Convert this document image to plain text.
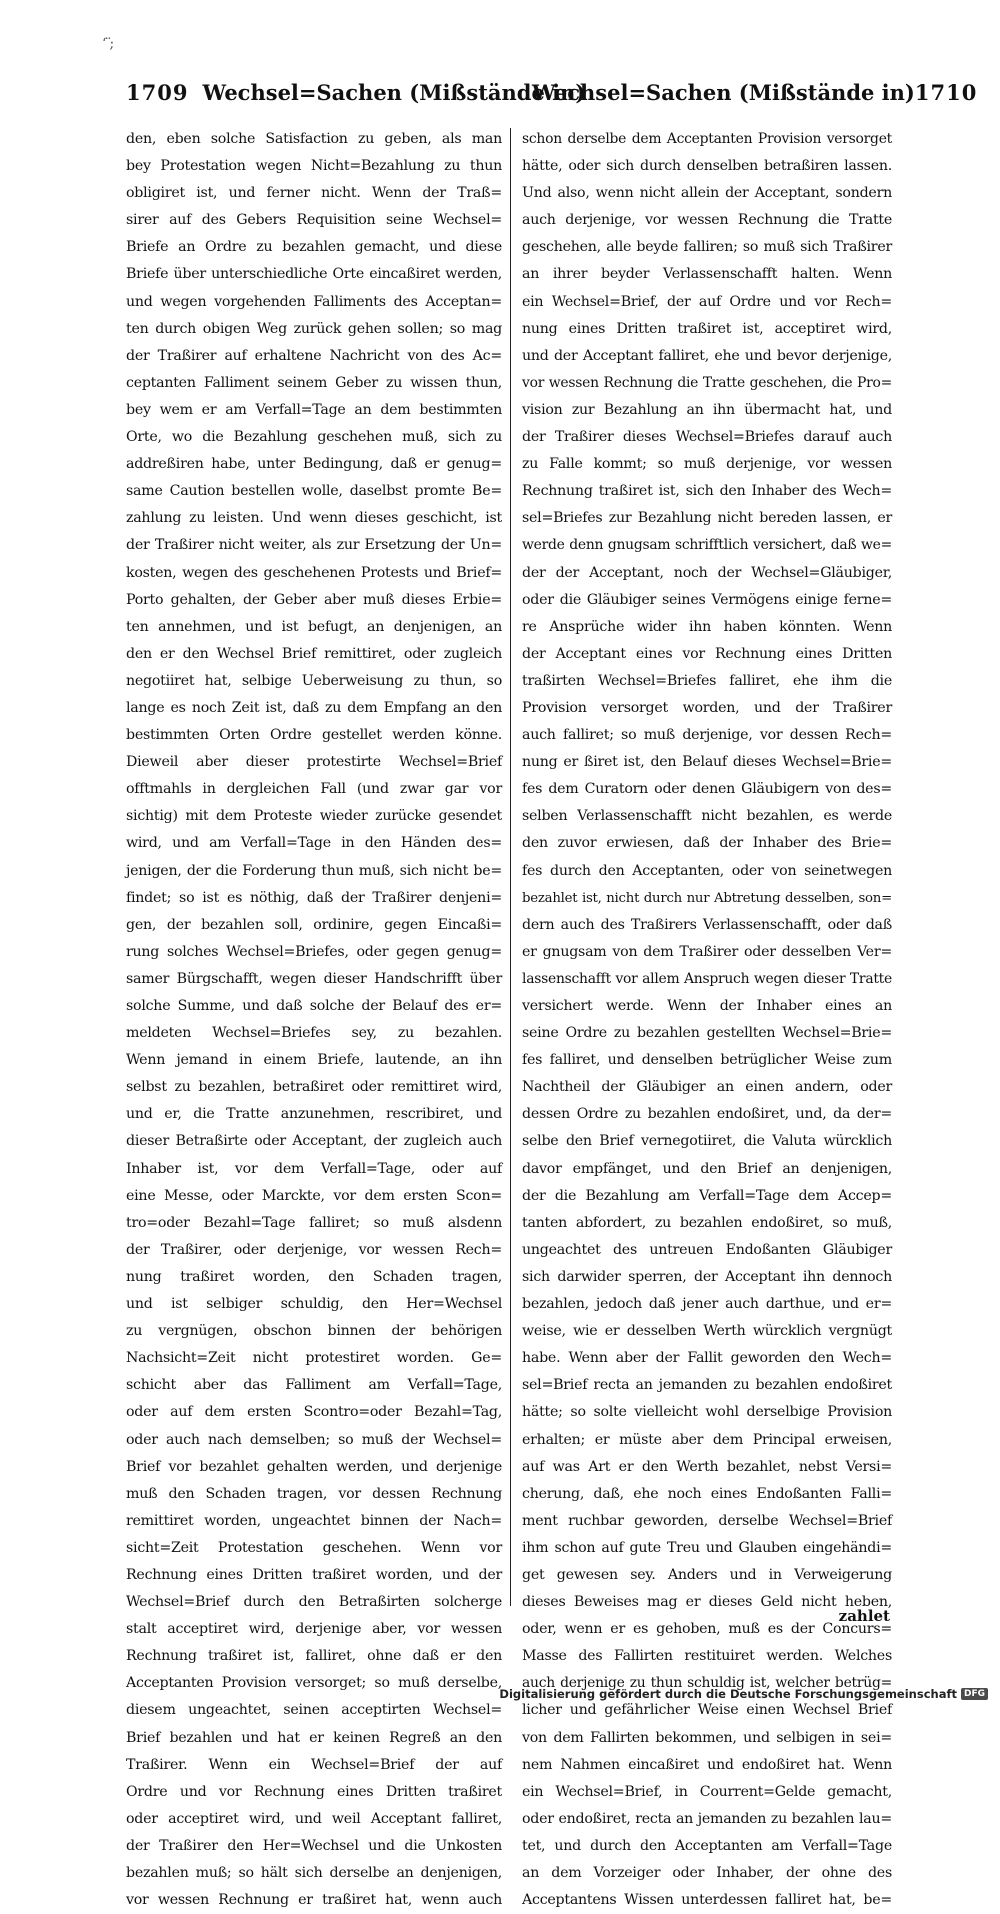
ʻ¨;
1709 Wechsel=Sachen (Mißstände in)
Wechsel=Sachen (Mißstände in) 1710
den, eben solche Satisfaction zu geben, als man
bey Protestation wegen Nicht=Bezahlung zu thun
obligiret ist, und ferner nicht. Wenn der Traß=
sirer auf des Gebers Requisition seine Wechsel=
Briefe an Ordre zu bezahlen gemacht, und diese
Briefe über unterschiedliche Orte eincaßiret werden,
und wegen vorgehenden Falliments des Acceptan=
ten durch obigen Weg zurück gehen sollen; so mag
der Traßirer auf erhaltene Nachricht von des Ac=
ceptanten Falliment seinem Geber zu wissen thun,
bey wem er am Verfall=Tage an dem bestimmten
Orte, wo die Bezahlung geschehen muß, sich zu
addreßiren habe, unter Bedingung, daß er genug=
same Caution bestellen wolle, daselbst promte Be=
zahlung zu leisten. Und wenn dieses geschicht, ist
der Traßirer nicht weiter, als zur Ersetzung der Un=
kosten, wegen des geschehenen Protests und Brief=
Porto gehalten, der Geber aber muß dieses Erbie=
ten annehmen, und ist befugt, an denjenigen, an
den er den Wechsel Brief remittiret, oder zugleich
negotiiret hat, selbige Ueberweisung zu thun, so
lange es noch Zeit ist, daß zu dem Empfang an den
bestimmten Orten Ordre gestellet werden könne.
Dieweil aber dieser protestirte Wechsel=Brief
offtmahls in dergleichen Fall (und zwar gar vor
sichtig) mit dem Proteste wieder zurücke gesendet
wird, und am Verfall=Tage in den Händen des=
jenigen, der die Forderung thun muß, sich nicht be=
findet; so ist es nöthig, daß der Traßirer denjeni=
gen, der bezahlen soll, ordinire, gegen Eincaßi=
rung solches Wechsel=Briefes, oder gegen genug=
samer Bürgschafft, wegen dieser Handschrifft über
solche Summe, und daß solche der Belauf des er=
meldeten Wechsel=Briefes sey, zu bezahlen.
Wenn jemand in einem Briefe, lautende, an ihn
selbst zu bezahlen, betraßiret oder remittiret wird,
und er, die Tratte anzunehmen, rescribiret, und
dieser Betraßirte oder Acceptant, der zugleich auch
Inhaber ist, vor dem Verfall=Tage, oder auf
eine Messe, oder Marckte, vor dem ersten Scon=
tro=oder Bezahl=Tage falliret; so muß alsdenn
der Traßirer, oder derjenige, vor wessen Rech=
nung traßiret worden, den Schaden tragen,
und ist selbiger schuldig, den Her=Wechsel
zu vergnügen, obschon binnen der behörigen
Nachsicht=Zeit nicht protestiret worden. Ge=
schicht aber das Falliment am Verfall=Tage,
oder auf dem ersten Scontro=oder Bezahl=Tag,
oder auch nach demselben; so muß der Wechsel=
Brief vor bezahlet gehalten werden, und derjenige
muß den Schaden tragen, vor dessen Rechnung
remittiret worden, ungeachtet binnen der Nach=
sicht=Zeit Protestation geschehen. Wenn vor
Rechnung eines Dritten traßiret worden, und der
Wechsel=Brief durch den Betraßirten solcherge
stalt acceptiret wird, derjenige aber, vor wessen
Rechnung traßiret ist, falliret, ohne daß er den
Acceptanten Provision versorget; so muß derselbe,
diesem ungeachtet, seinen acceptirten Wechsel=
Brief bezahlen und hat er keinen Regreß an den
Traßirer. Wenn ein Wechsel=Brief der auf
Ordre und vor Rechnung eines Dritten traßiret
oder acceptiret wird, und weil Acceptant falliret,
der Traßirer den Her=Wechsel und die Unkosten
bezahlen muß; so hält sich derselbe an denjenigen,
vor wessen Rechnung er traßiret hat, wenn auch
schon derselbe dem Acceptanten Provision versorget
hätte, oder sich durch denselben betraßiren lassen.
Und also, wenn nicht allein der Acceptant, sondern
auch derjenige, vor wessen Rechnung die Tratte
geschehen, alle beyde falliren; so muß sich Traßirer
an ihrer beyder Verlassenschafft halten. Wenn
ein Wechsel=Brief, der auf Ordre und vor Rech=
nung eines Dritten traßiret ist, acceptiret wird,
und der Acceptant falliret, ehe und bevor derjenige,
vor wessen Rechnung die Tratte geschehen, die Pro=
vision zur Bezahlung an ihn übermacht hat, und
der Traßirer dieses Wechsel=Briefes darauf auch
zu Falle kommt; so muß derjenige, vor wessen
Rechnung traßiret ist, sich den Inhaber des Wech=
sel=Briefes zur Bezahlung nicht bereden lassen, er
werde denn gnugsam schrifftlich versichert, daß we=
der der Acceptant, noch der Wechsel=Gläubiger,
oder die Gläubiger seines Vermögens einige ferne=
re Ansprüche wider ihn haben könnten. Wenn
der Acceptant eines vor Rechnung eines Dritten
traßirten Wechsel=Briefes falliret, ehe ihm die
Provision versorget worden, und der Traßirer
auch falliret; so muß derjenige, vor dessen Rech=
nung er ßiret ist, den Belauf dieses Wechsel=Brie=
fes dem Curatorn oder denen Gläubigern von des=
selben Verlassenschafft nicht bezahlen, es werde
den zuvor erwiesen, daß der Inhaber des Brie=
fes durch den Acceptanten, oder von seinetwegen
bezahlet ist, nicht durch nur Abtretung desselben, son=
dern auch des Traßirers Verlassenschafft, oder daß
er gnugsam von dem Traßirer oder desselben Ver=
lassenschafft vor allem Anspruch wegen dieser Tratte
versichert werde. Wenn der Inhaber eines an
seine Ordre zu bezahlen gestellten Wechsel=Brie=
fes falliret, und denselben betrüglicher Weise zum
Nachtheil der Gläubiger an einen andern, oder
dessen Ordre zu bezahlen endoßiret, und, da der=
selbe den Brief vernegotiiret, die Valuta würcklich
davor empfänget, und den Brief an denjenigen,
der die Bezahlung am Verfall=Tage dem Accep=
tanten abfordert, zu bezahlen endoßiret, so muß,
ungeachtet des untreuen Endoßanten Gläubiger
sich darwider sperren, der Acceptant ihn dennoch
bezahlen, jedoch daß jener auch darthue, und er=
weise, wie er desselben Werth würcklich vergnügt
habe. Wenn aber der Fallit geworden den Wech=
sel=Brief recta an jemanden zu bezahlen endoßiret
hätte; so solte vielleicht wohl derselbige Provision
erhalten; er müste aber dem Principal erweisen,
auf was Art er den Werth bezahlet, nebst Versi=
cherung, daß, ehe noch eines Endoßanten Falli=
ment ruchbar geworden, derselbe Wechsel=Brief
ihm schon auf gute Treu und Glauben eingehändi=
get gewesen sey. Anders und in Verweigerung
dieses Beweises mag er dieses Geld nicht heben,
oder, wenn er es gehoben, muß es der Concurs=
Masse des Fallirten restituiret werden. Welches
auch derjenige zu thun schuldig ist, welcher betrüg=
licher und gefährlicher Weise einen Wechsel Brief
von dem Fallirten bekommen, und selbigen in sei=
nem Nahmen eincaßiret und endoßiret hat. Wenn
ein Wechsel=Brief, in Courrent=Gelde gemacht,
oder endoßiret, recta an jemanden zu bezahlen lau=
tet, und durch den Acceptanten am Verfall=Tage
an dem Vorzeiger oder Inhaber, der ohne des
Acceptantens Wissen unterdessen falliret hat, be=
zahlet
Digitalisierung gefördert durch die Deutsche Forschungsgemeinschaft DFG
